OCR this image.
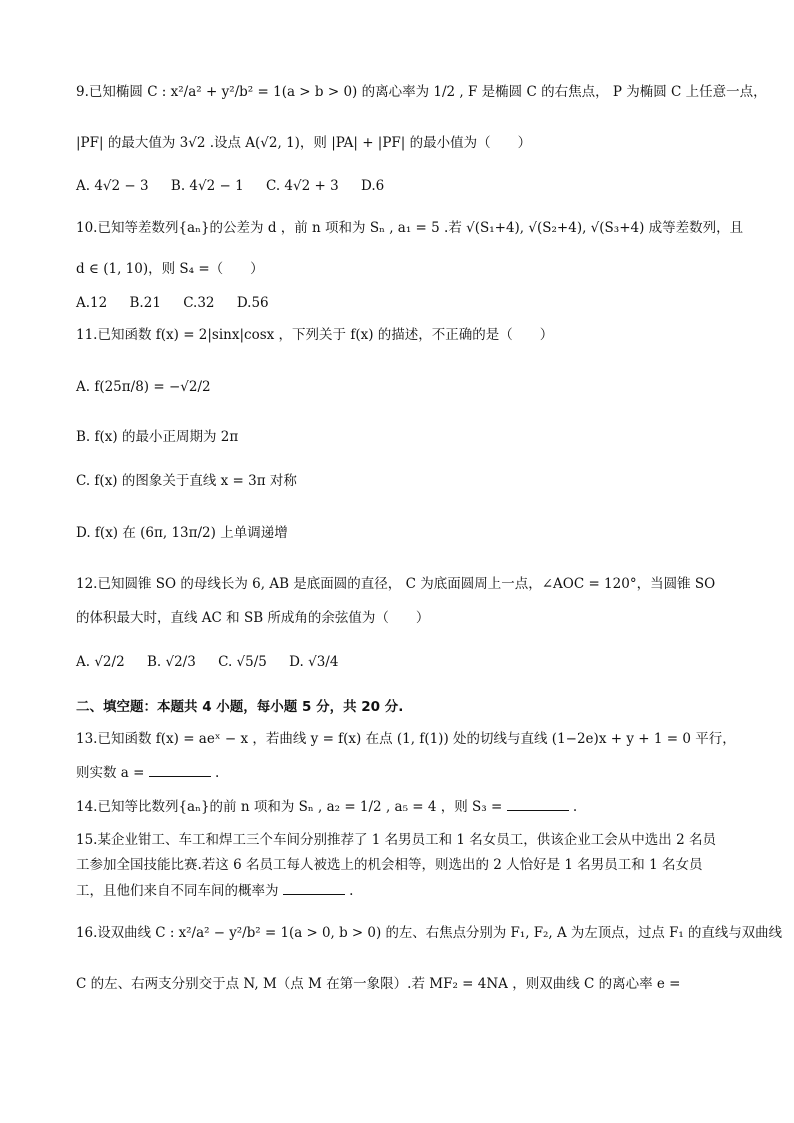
9.已知椭圆 C : x²/a² + y²/b² = 1(a > b > 0) 的离心率为 1/2 , F 是椭圆 C 的右焦点， P 为椭圆 C 上任意一点，
|PF| 的最大值为 3√2 .设点 A(√2, 1)，则 |PA| + |PF| 的最小值为（　　）
A. 4√2 − 3 B. 4√2 − 1 C. 4√2 + 3 D.6
10.已知等差数列{aₙ}的公差为 d ，前 n 项和为 Sₙ , a₁ = 5 .若 √(S₁+4), √(S₂+4), √(S₃+4) 成等差数列，且
d ∈ (1, 10)，则 S₄ =（　　）
A.12 B.21 C.32 D.56
11.已知函数 f(x) = 2|sinx|cosx ，下列关于 f(x) 的描述，不正确的是（　　）
A. f(25π/8) = −√2/2
B. f(x) 的最小正周期为 2π
C. f(x) 的图象关于直线 x = 3π 对称
D. f(x) 在 (6π, 13π/2) 上单调递增
12.已知圆锥 SO 的母线长为 6, AB 是底面圆的直径， C 为底面圆周上一点，∠AOC = 120°，当圆锥 SO
的体积最大时，直线 AC 和 SB 所成角的余弦值为（　　）
A. √2/2 B. √2/3 C. √5/5 D. √3/4
二、填空题：本题共 4 小题，每小题 5 分，共 20 分.
13.已知函数 f(x) = aeˣ − x ，若曲线 y = f(x) 在点 (1, f(1)) 处的切线与直线 (1−2e)x + y + 1 = 0 平行，
则实数 a =	.
14.已知等比数列{aₙ}的前 n 项和为 Sₙ , a₂ = 1/2 , a₅ = 4 ，则 S₃ =	.
15.某企业钳工、车工和焊工三个车间分别推荐了 1 名男员工和 1 名女员工，供该企业工会从中选出 2 名员
工参加全国技能比赛.若这 6 名员工每人被选上的机会相等，则选出的 2 人恰好是 1 名男员工和 1 名女员
工，且他们来自不同车间的概率为	.
16.设双曲线 C : x²/a² − y²/b² = 1(a > 0, b > 0) 的左、右焦点分别为 F₁, F₂, A 为左顶点，过点 F₁ 的直线与双曲线
C 的左、右两支分别交于点 N, M（点 M 在第一象限）.若 MF₂ = 4NA ，则双曲线 C 的离心率 e =
